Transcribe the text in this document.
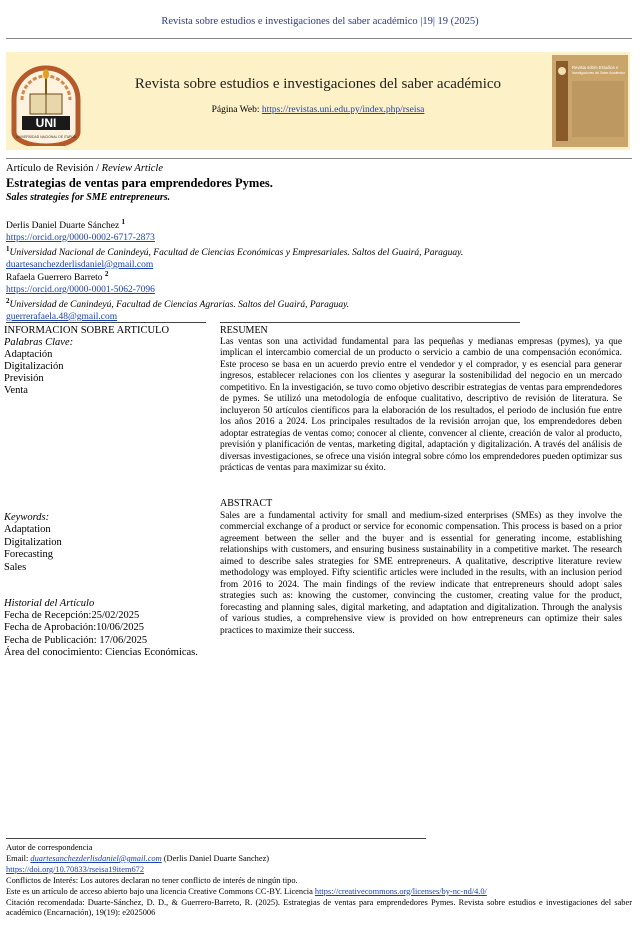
Revista sobre estudios e investigaciones del saber académico |19| 19 (2025)
UNI
UNIVERSIDAD NACIONAL DE ITAPÚA
Revista sobre estudios e investigaciones del saber académico
Página Web: https://revistas.uni.edu.py/index.php/rseisa
Revista sobre Estudios e
Investigaciones del Saber Académico
Artículo de Revisión / Review Article
Estrategias de ventas para emprendedores Pymes.
Sales strategies for SME entrepreneurs.
Derlis Daniel Duarte Sánchez $^1$
https://orcid.org/0000-0002-6717-2873
$^1$Universidad Nacional de Canindeyú, Facultad de Ciencias Económicas y Empresariales. Saltos del Guairá, Paraguay.
duartesanchezderlisdaniel@gmail.com
Rafaela Guerrero Barreto $^2$
https://orcid.org/0000-0001-5062-7096
$^2$Universidad de Canindeyú, Facultad de Ciencias Agrarias. Saltos del Guairá, Paraguay.
guerrerafaela.48@gmail.com
INFORMACION SOBRE ARTICULO
Palabras Clave:
Adaptación
Digitalización
Previsión
Venta
Keywords:
Adaptation
Digitalization
Forecasting
Sales
Historial del Artículo
Fecha de Recepción:25/02/2025
Fecha de Aprobación:10/06/2025
Fecha de Publicación: 17/06/2025
Área del conocimiento: Ciencias Económicas.
RESUMEN
Las ventas son una actividad fundamental para las pequeñas y medianas empresas (pymes), ya que implican el intercambio comercial de un producto o servicio a cambio de una compensación económica. Este proceso se basa en un acuerdo previo entre el vendedor y el comprador, y es esencial para generar ingresos, establecer relaciones con los clientes y asegurar la sostenibilidad del negocio en un mercado competitivo. En la investigación, se tuvo como objetivo describir estrategias de ventas para emprendedores de pymes. Se utilizó una metodología de enfoque cualitativo, descriptivo de revisión de literatura. Se incluyeron 50 artículos científicos para la elaboración de los resultados, el periodo de inclusión fue entre los años 2016 a 2024. Los principales resultados de la revisión arrojan que, los emprendedores deben adoptar estrategias de ventas como; conocer al cliente, convencer al cliente, creación de valor al producto, previsión y planificación de ventas, marketing digital, adaptación y digitalización. A través del análisis de diversas investigaciones, se ofrece una visión integral sobre cómo los emprendedores pueden optimizar sus prácticas de ventas para maximizar su éxito.
ABSTRACT
Sales are a fundamental activity for small and medium-sized enterprises (SMEs) as they involve the commercial exchange of a product or service for economic compensation. This process is based on a prior agreement between the seller and the buyer and is essential for generating income, establishing relationships with customers, and ensuring business sustainability in a competitive market. The research aimed to describe sales strategies for SME entrepreneurs. A qualitative, descriptive literature review methodology was employed. Fifty scientific articles were included in the results, with an inclusion period from 2016 to 2024. The main findings of the review indicate that entrepreneurs should adopt sales strategies such as: knowing the customer, convincing the customer, creating value for the product, forecasting and planning sales, digital marketing, and adaptation and digitalization. Through the analysis of various studies, a comprehensive view is provided on how entrepreneurs can optimize their sales practices to maximize their success.
Autor de correspondencia
Email: duartesanchezderlisdaniel@gmail.com (Derlis Daniel Duarte Sanchez)
https://doi.org/10.70833/rseisa19item672
Conflictos de Interés: Los autores declaran no tener conflicto de interés de ningún tipo.
Este es un artículo de acceso abierto bajo una licencia Creative Commons CC-BY. Licencia https://creativecommons.org/licenses/by-nc-nd/4.0/
Citación recomendada: Duarte-Sánchez, D. D., & Guerrero-Barreto, R. (2025). Estrategias de ventas para emprendedores Pymes. Revista sobre estudios e investigaciones del saber académico (Encarnación), 19(19): e2025006
